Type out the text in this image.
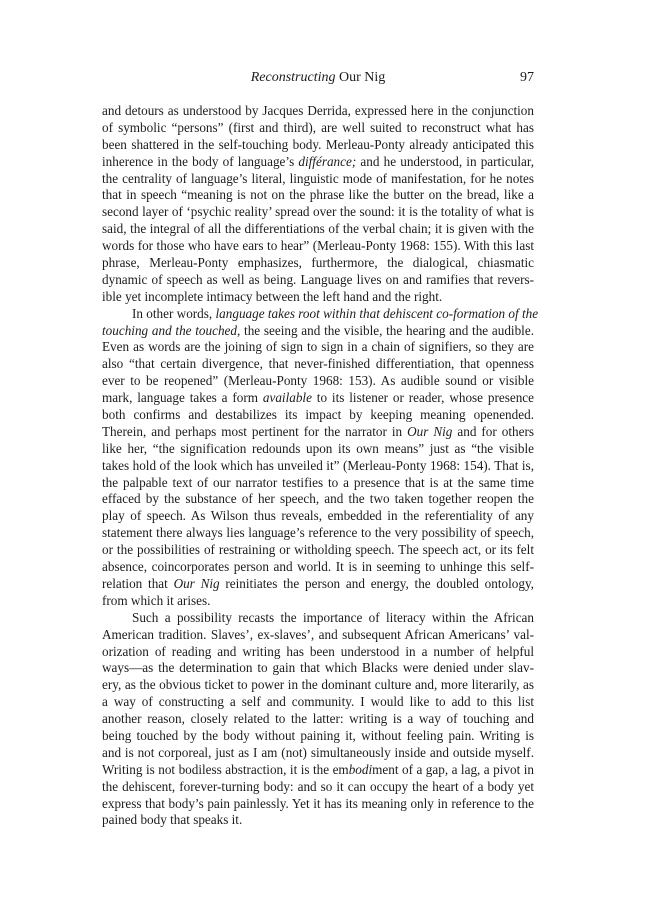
Reconstructing Our Nig	97
and detours as understood by Jacques Derrida, expressed here in the conjunction
of symbolic “persons” (first and third), are well suited to reconstruct what has
been shattered in the self-touching body. Merleau-Ponty already anticipated this
inherence in the body of language’s différance; and he understood, in particular,
the centrality of language’s literal, linguistic mode of manifestation, for he notes
that in speech “meaning is not on the phrase like the butter on the bread, like a
second layer of ‘psychic reality’ spread over the sound: it is the totality of what is
said, the integral of all the differentiations of the verbal chain; it is given with the
words for those who have ears to hear” (Merleau-Ponty 1968: 155). With this last
phrase, Merleau-Ponty emphasizes, furthermore, the dialogical, chiasmatic
dynamic of speech as well as being. Language lives on and ramifies that revers-
ible yet incomplete intimacy between the left hand and the right.
In other words, language takes root within that dehiscent co-formation of the
touching and the touched, the seeing and the visible, the hearing and the audible.
Even as words are the joining of sign to sign in a chain of signifiers, so they are
also “that certain divergence, that never-finished differentiation, that openness
ever to be reopened” (Merleau-Ponty 1968: 153). As audible sound or visible
mark, language takes a form available to its listener or reader, whose presence
both confirms and destabilizes its impact by keeping meaning openended.
Therein, and perhaps most pertinent for the narrator in Our Nig and for others
like her, “the signification redounds upon its own means” just as “the visible
takes hold of the look which has unveiled it” (Merleau-Ponty 1968: 154). That is,
the palpable text of our narrator testifies to a presence that is at the same time
effaced by the substance of her speech, and the two taken together reopen the
play of speech. As Wilson thus reveals, embedded in the referentiality of any
statement there always lies language’s reference to the very possibility of speech,
or the possibilities of restraining or witholding speech. The speech act, or its felt
absence, coincorporates person and world. It is in seeming to unhinge this self-
relation that Our Nig reinitiates the person and energy, the doubled ontology,
from which it arises.
Such a possibility recasts the importance of literacy within the African
American tradition. Slaves’, ex-slaves’, and subsequent African Americans’ val-
orization of reading and writing has been understood in a number of helpful
ways—as the determination to gain that which Blacks were denied under slav-
ery, as the obvious ticket to power in the dominant culture and, more literarily, as
a way of constructing a self and community. I would like to add to this list
another reason, closely related to the latter: writing is a way of touching and
being touched by the body without paining it, without feeling pain. Writing is
and is not corporeal, just as I am (not) simultaneously inside and outside myself.
Writing is not bodiless abstraction, it is the embodiment of a gap, a lag, a pivot in
the dehiscent, forever-turning body: and so it can occupy the heart of a body yet
express that body’s pain painlessly. Yet it has its meaning only in reference to the
pained body that speaks it.
